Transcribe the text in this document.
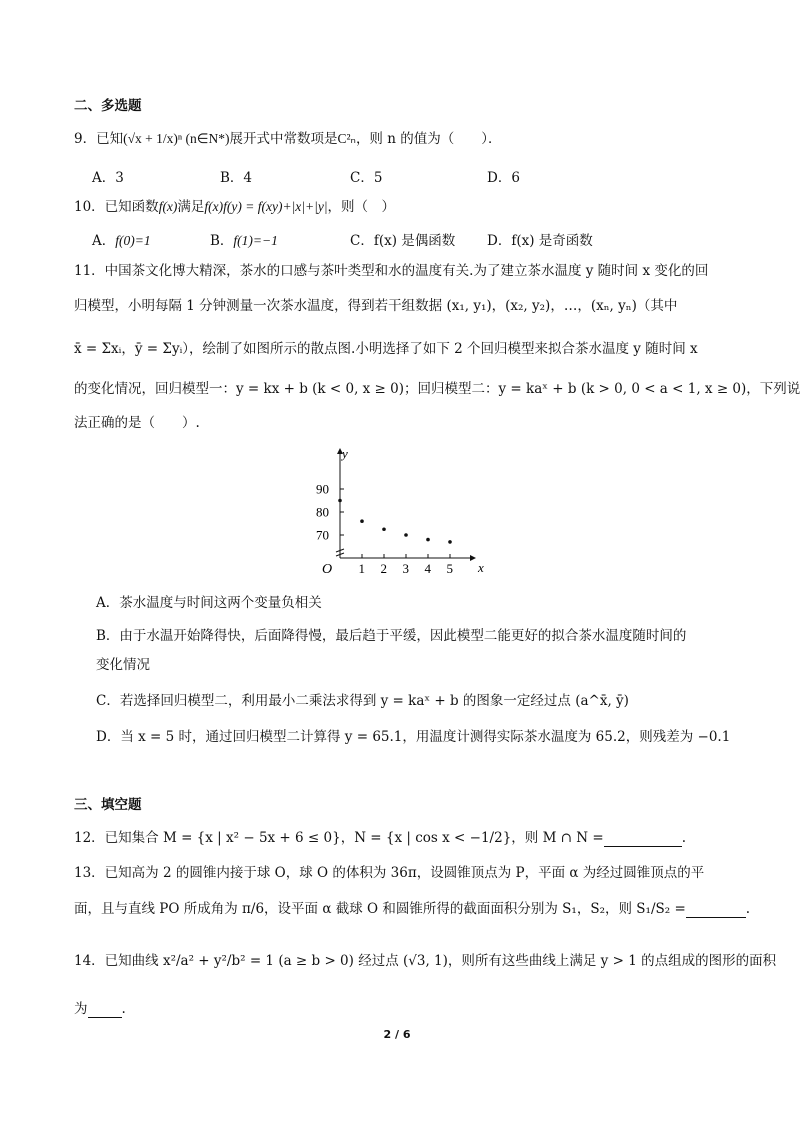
二、多选题
9．已知(√x + 1/x)ⁿ (n∈N*)展开式中常数项是C²ₙ，则 n 的值为（　　）．
A．3	B．4	C．5	D．6
10．已知函数f(x)满足f(x)f(y) = f(xy)+|x|+|y|，则（　）
A．f(0)=1	B．f(1)=−1	C．f(x) 是偶函数 D．f(x) 是奇函数
11．中国茶文化博大精深，茶水的口感与茶叶类型和水的温度有关.为了建立茶水温度 y 随时间 x 变化的回
归模型，小明每隔 1 分钟测量一次茶水温度，得到若干组数据 (x₁, y₁)，(x₂, y₂)，…，(xₙ, yₙ)（其中
x̄ = Σxᵢ，ȳ = Σyᵢ），绘制了如图所示的散点图.小明选择了如下 2 个回归模型来拟合茶水温度 y 随时间 x
的变化情况，回归模型一：y = kx + b (k < 0, x ≥ 0)；回归模型二：y = kaˣ + b (k > 0, 0 < a < 1, x ≥ 0)，下列说
法正确的是（　　）.
x
y
O 1 2 3 4 5
70
80
90
A．茶水温度与时间这两个变量负相关
B．由于水温开始降得快，后面降得慢，最后趋于平缓，因此模型二能更好的拟合茶水温度随时间的
变化情况
C．若选择回归模型二，利用最小二乘法求得到 y = kaˣ + b 的图象一定经过点 (a^x̄, ȳ)
D．当 x = 5 时，通过回归模型二计算得 y = 65.1，用温度计测得实际茶水温度为 65.2，则残差为 −0.1
三、填空题
12．已知集合 M = {x | x² − 5x + 6 ≤ 0}，N = {x | cos x < −1/2}，则 M ∩ N =	.
13．已知高为 2 的圆锥内接于球 O，球 O 的体积为 36π，设圆锥顶点为 P，平面 α 为经过圆锥顶点的平
面，且与直线 PO 所成角为 π/6，设平面 α 截球 O 和圆锥所得的截面面积分别为 S₁，S₂，则 S₁/S₂ =	.
14．已知曲线 x²/a² + y²/b² = 1 (a ≥ b > 0) 经过点 (√3, 1)，则所有这些曲线上满足 y > 1 的点组成的图形的面积
为	.
2 / 6
